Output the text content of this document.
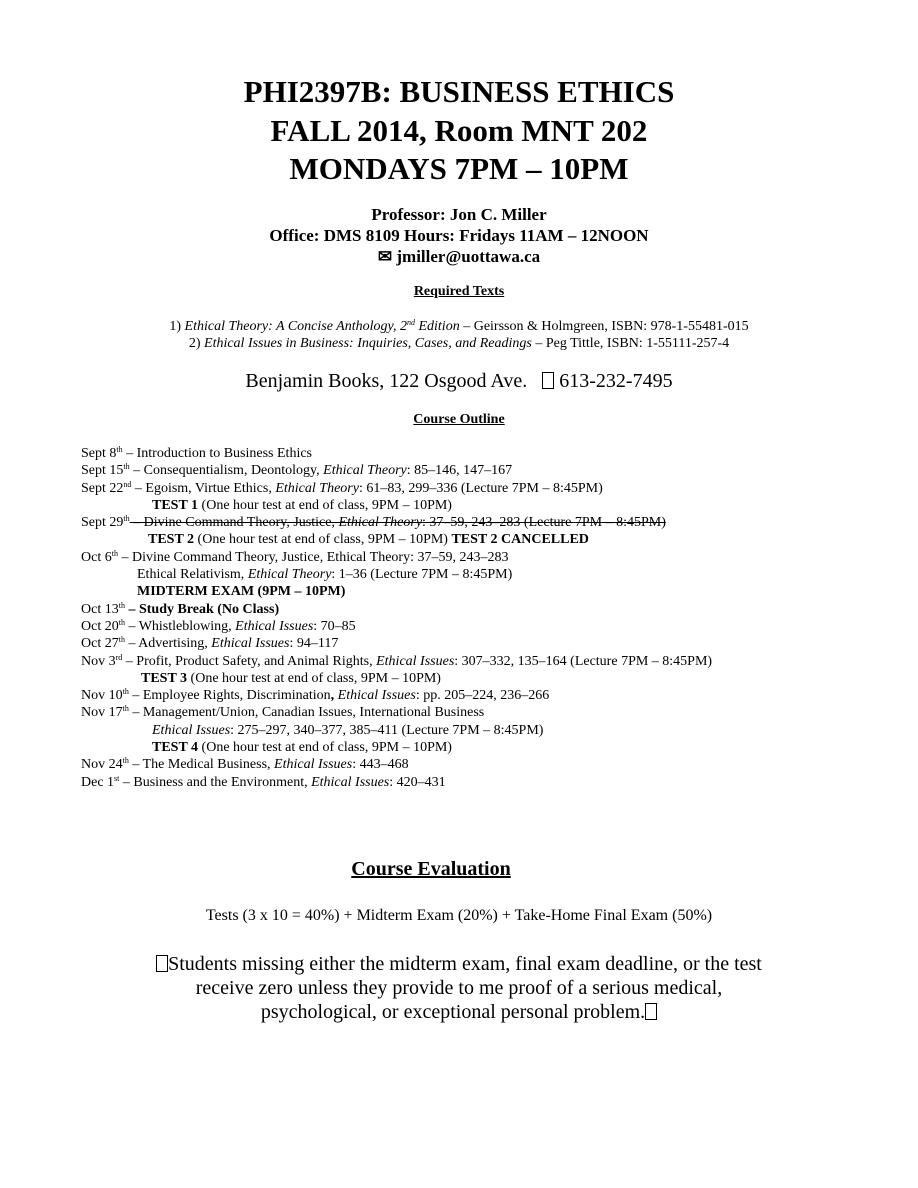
PHI2397B: BUSINESS ETHICS
FALL 2014, Room MNT 202
MONDAYS 7PM – 10PM
Professor: Jon C. Miller
Office: DMS 8109 Hours: Fridays 11AM – 12NOON
✉ jmiller@uottawa.ca
Required Texts
1) Ethical Theory: A Concise Anthology, 2nd Edition – Geirsson & Holmgreen, ISBN: 978-1-55481-015
2) Ethical Issues in Business: Inquiries, Cases, and Readings – Peg Tittle, ISBN: 1-55111-257-4
Benjamin Books, 122 Osgood Ave. 613-232-7495
Course Outline
Sept 8th – Introduction to Business Ethics
Sept 15th – Consequentialism, Deontology, Ethical Theory: 85–146, 147–167
Sept 22nd – Egoism, Virtue Ethics, Ethical Theory: 61–83, 299–336 (Lecture 7PM – 8:45PM)
TEST 1 (One hour test at end of class, 9PM – 10PM)
Sept 29th – Divine Command Theory, Justice, Ethical Theory: 37–59, 243–283 (Lecture 7PM – 8:45PM)
TEST 2 (One hour test at end of class, 9PM – 10PM) TEST 2 CANCELLED
Oct 6th – Divine Command Theory, Justice, Ethical Theory: 37–59, 243–283
Ethical Relativism, Ethical Theory: 1–36 (Lecture 7PM – 8:45PM)
MIDTERM EXAM (9PM – 10PM)
Oct 13th – Study Break (No Class)
Oct 20th – Whistleblowing, Ethical Issues: 70–85
Oct 27th – Advertising, Ethical Issues: 94–117
Nov 3rd – Profit, Product Safety, and Animal Rights, Ethical Issues: 307–332, 135–164 (Lecture 7PM – 8:45PM)
TEST 3 (One hour test at end of class, 9PM – 10PM)
Nov 10th – Employee Rights, Discrimination, Ethical Issues: pp. 205–224, 236–266
Nov 17th – Management/Union, Canadian Issues, International Business
Ethical Issues: 275–297, 340–377, 385–411 (Lecture 7PM – 8:45PM)
TEST 4 (One hour test at end of class, 9PM – 10PM)
Nov 24th – The Medical Business, Ethical Issues: 443–468
Dec 1st – Business and the Environment, Ethical Issues: 420–431
Course Evaluation
Tests (3 x 10 = 40%) + Midterm Exam (20%) + Take-Home Final Exam (50%)
Students missing either the midterm exam, final exam deadline, or the test
receive zero unless they provide to me proof of a serious medical,
psychological, or exceptional personal problem.
